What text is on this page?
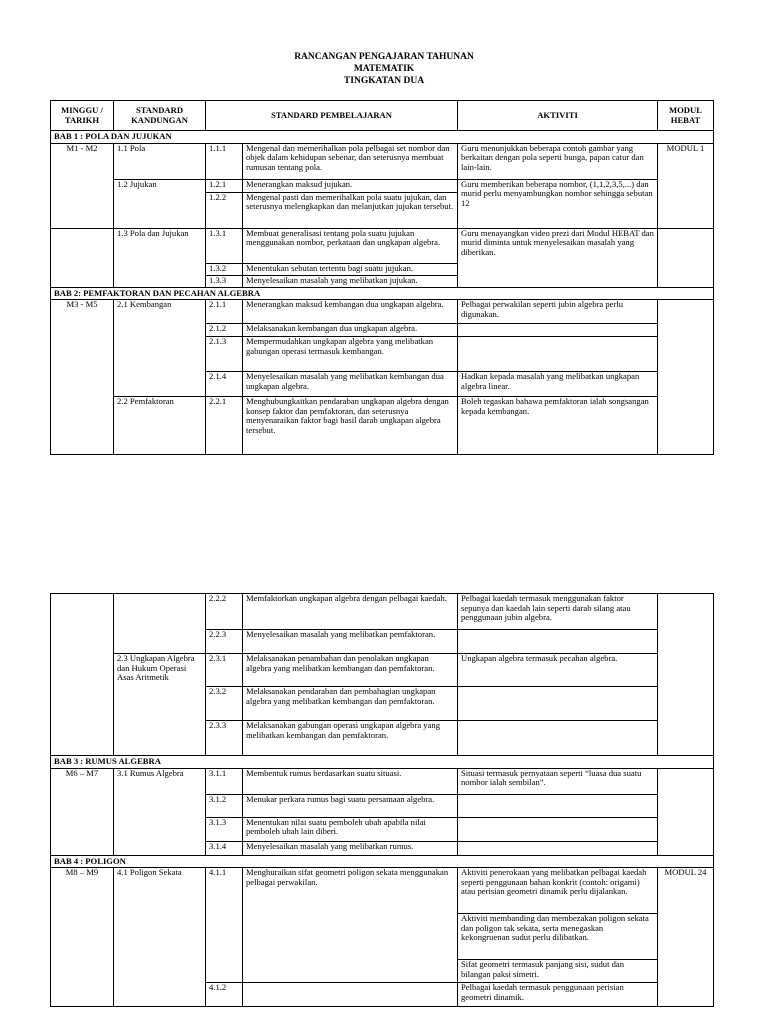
RANCANGAN PENGAJARAN TAHUNAN
MATEMATIK
TINGKATAN DUA
MINGGU / TARIKH	STANDARD KANDUNGAN	STANDARD PEMBELAJARAN		AKTIVITI	MODUL HEBAT
BAB 1 : POLA DAN JUJUKAN					
M1 - M2	1.1 Pola	1.1.1	Mengenal dan memerihalkan pola pelbagai set nombor dan objek dalam kehidupan sebenar, dan seterusnya membuat rumusan tentang pola.	Guru menunjukkan beberapa contoh gambar yang berkaitan dengan pola seperti bunga, papan catur dan lain-lain.	MODUL 1
	1.2 Jujukan	1.2.1	Menerangkan maksud jujukan.	Guru memberikan beberapa nombor, (1,1,2,3,5,...) dan murid perlu menyambungkan nombor sehingga sebutan 12	
		1.2.2	Mengenal pasti dan memerihalkan pola suatu jujukan, dan seterusnya melengkapkan dan melanjutkan jujukan tersebut.		
	1.3 Pola dan Jujukan	1.3.1	Membuat generalisasi tentang pola suatu jujukan menggunakan nombor, perkataan dan ungkapan algebra.	Guru menayangkan video prezi dari Modul HEBAT dan murid diminta untuk menyelesaikan masalah yang diberikan.	
		1.3.2	Menentukan sebutan tertentu bagi suatu jujukan.		
		1.3.3	Menyelesaikan masalah yang melibatkan jujukan.		
BAB 2: PEMFAKTORAN DAN PECAHAN ALGEBRA					
M3 - M5	2.1 Kembangan	2.1.1	Menerangkan maksud kembangan dua ungkapan algebra.	Pelbagai perwakilan seperti jubin algebra perlu digunakan.	
		2.1.2	Melaksanakan kembangan dua ungkapan algebra.		
		2.1.3	Mempermudahkan ungkapan algebra yang melibatkan gabungan operasi termasuk kembangan.		
		2.1.4	Menyelesaikan masalah yang melibatkan kembangan dua ungkapan algebra.	Hadkan kepada masalah yang melibatkan ungkapan algebra linear.	
	2.2 Pemfaktoran	2.2.1	Menghubungkaitkan pendaraban ungkapan algebra dengan konsep faktor dan pemfaktoran, dan seterusnya menyenaraikan faktor bagi hasil darab ungkapan algebra tersebut.	Boleh tegaskan bahawa pemfaktoran ialah songsangan kepada kembangan.	
		2.2.2	Memfaktorkan ungkapan algebra dengan pelbagai kaedah.	Pelbagai kaedah termasuk menggunakan faktor sepunya dan kaedah lain seperti darab silang atau penggunaan jubin algebra.	
		2.2.3	Menyelesaikan masalah yang melibatkan pemfaktoran.		
	2.3 Ungkapan Algebra dan Hukum Operasi Asas Aritmetik	2.3.1	Melaksanakan penambahan dan penolakan ungkapan algebra yang melibatkan kembangan dan pemfaktoran.	Ungkapan algebra termasuk pecahan algebra.	
		2.3.2	Melaksanakan pendaraban dan pembahagian ungkapan algebra yang melibatkan kembangan dan pemfaktoran.		
		2.3.3	Melaksanakan gabungan operasi ungkapan algebra yang melibatkan kembangan dan pemfaktoran.		
BAB 3 : RUMUS ALGEBRA					
M6 – M7	3.1 Rumus Algebra	3.1.1	Membentuk rumus berdasarkan suatu situasi.	Situasi termasuk pernyataan seperti “luasa dua suatu nombor ialah sembilan”.	
		3.1.2	Menukar perkara rumus bagi suatu persamaan algebra.		
		3.1.3	Menentukan nilai suatu pemboleh ubah apabila nilai pemboleh ubah lain diberi.		
		3.1.4	Menyelesaikan masalah yang melibatkan rumus.		
BAB 4 : POLIGON					
M8 – M9	4.1 Poligon Sekata	4.1.1	Menghuraikan sifat geometri poligon sekata menggunakan pelbagai perwakilan.	Aktiviti penerokaan yang melibatkan pelbagai kaedah seperti penggunaan bahan konkrit (contoh: origami) atau perisian geometri dinamik perlu dijalankan.	MODUL 24
				Aktiviti membanding dan membezakan poligon sekata dan poligon tak sekata, serta menegaskan kekongruenan sudut perlu dilibatkan.	
				Sifat geometri termasuk panjang sisi, sudut dan bilangan paksi simetri.	
		4.1.2		Pelbagai kaedah termasuk penggunaan perisian geometri dinamik.	
